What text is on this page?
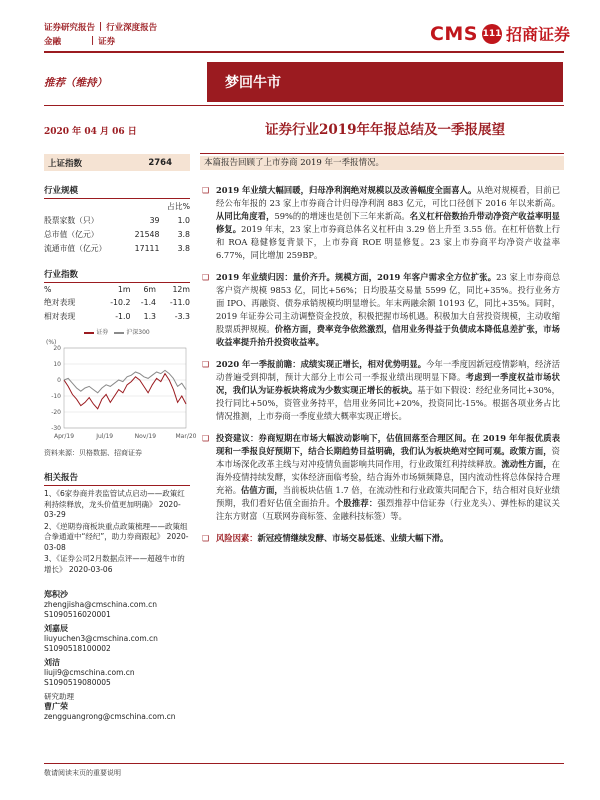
证券研究报告 | 行业深度报告
金融	| 证券	CMS 111 招商证券
推荐（维持）	梦回牛市
2020 年 04 月 06 日	证券行业2019年年报总结及一季报展望
上证指数	2764
行业规模
		占比%
股票家数（只）	39	1.0
总市值（亿元）	21548	3.8
流通市值（亿元）	17111	3.8
行业指数
%	1m	6m	12m
绝对表现	-10.2	-1.4	-11.0
相对表现	-1.0	1.3	-3.3
证券	沪深300
(%)
20
10
0
-10
-20
-30
Apr/19	Jul/19	Nov/19	Mar/20
资料来源：贝格数据、招商证券
相关报告
1、《6家券商并表监管试点启动——政策红利持续释放，龙头价值更加明确》 2020-03-29
2、《逆期券商板块重点政策梳理——政策组合拳通道中“经纪”，助力券商跟起》 2020-03-08
3、《证券公司2月数据点评——超越牛市的增长》 2020-03-06
郑积沙
zhengjisha@cmschina.com.cn
S1090516020001
刘嘉辰
liuyuchen3@cmschina.com.cn
S1090518100002
刘洁
liuji9@cmschina.com.cn
S1090519080005
研究助理
曹广荣
zengguangrong@cmschina.com.cn
本篇报告回顾了上市券商 2019 年一季报情况。
❑ 2019 年业绩大幅回暖，归母净利润绝对规模以及改善幅度全面喜人。从绝对规模看，目前已经公布年报的 23 家上市券商合计归母净利润 883 亿元，可比口径创下 2016 年以来新高。从同比角度看，59%的的增速也是创下三年来新高。名义杠杆倍数抬升带动净资产收益率明显修复。2019 年末，23 家上市券商总体名义杠杆由 3.29 倍上升至 3.55 倍。在杠杆倍数上行和 ROA 稳健修复背景下，上市券商 ROE 明显修复。23 家上市券商平均净资产收益率 6.77%，同比增加 259BP。

❑ 2019 年业绩归因：量价齐升。规模方面，2019 年客户需求全方位扩张。23 家上市券商总客户资产规模 9853 亿，同比+56%；日均股基交易量 5599 亿，同比+35%。投行业务方面 IPO、再融资、债券承销规模均明显增长。年末两融余额 10193 亿，同比+35%。同时，2019 年证券公司主动调整资金投放，积极把握市场机遇。积极加大自营投资规模，主动收缩股票质押规模。价格方面，费率竞争依然激烈，信用业务得益于负债成本降低息差扩张，市场收益率提升抬升投资收益率。

❑ 2020 年一季报前瞻：成绩实现正增长，相对优势明显。今年一季度因新冠疫情影响，经济活动普遍受到抑制，预计大部分上市公司一季报业绩出现明显下降。考虑到一季度权益市场状况，我们认为证券板块将成为少数实现正增长的板块。基于如下假设：经纪业务同比+30%，投行同比+50%，资管业务持平，信用业务同比+20%，投资同比-15%。根据各项业务占比情况推测，上市券商一季度业绩大概率实现正增长。

❑ 投资建议：券商短期在市场大幅波动影响下，估值回落至合理区间。在 2019 年年报优质表现和一季报良好预期下，结合长期趋势目益明确，我们认为板块绝对空间可观。政策方面，资本市场深化改革主线与对冲疫情负面影响共同作用，行业政策红利持续释放。流动性方面，在海外疫情持续发酵，实体经济面临考验，结合海外市场频频降息，国内流动性将总体保持合理充裕。估值方面，当前板块估值 1.7 倍，在流动性和行业政策共同配合下，结合相对良好业绩预期，我们看好估值全面抬升。个股推荐：强烈推荐中信证券（行业龙头）、弹性标的建议关注东方财富（互联网券商标签、金融科技标签）等。

❑ 风险因素：新冠疫情继续发酵、市场交易低迷、业绩大幅下滑。

敬请阅读末页的重要说明
